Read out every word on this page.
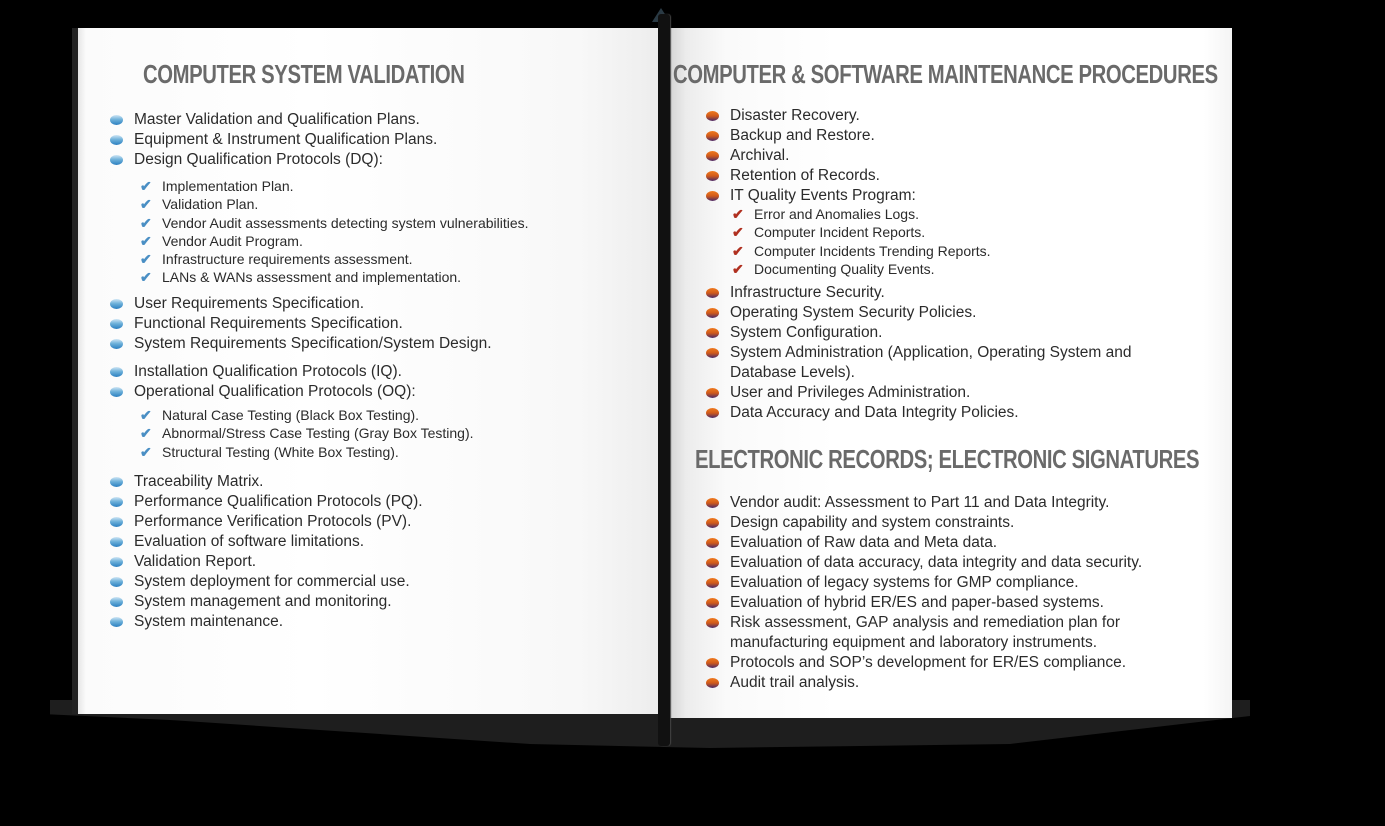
COMPUTER SYSTEM VALIDATION
Master Validation and Qualification Plans.
Equipment & Instrument Qualification Plans.
Design Qualification Protocols (DQ):
✔ Implementation Plan.
✔ Validation Plan.
✔ Vendor Audit assessments detecting system vulnerabilities.
✔ Vendor Audit Program.
✔ Infrastructure requirements assessment.
✔ LANs & WANs assessment and implementation.
User Requirements Specification.
Functional Requirements Specification.
System Requirements Specification/System Design.
Installation Qualification Protocols (IQ).
Operational Qualification Protocols (OQ):
✔ Natural Case Testing (Black Box Testing).
✔ Abnormal/Stress Case Testing (Gray Box Testing).
✔ Structural Testing (White Box Testing).
Traceability Matrix.
Performance Qualification Protocols (PQ).
Performance Verification Protocols (PV).
Evaluation of software limitations.
Validation Report.
System deployment for commercial use.
System management and monitoring.
System maintenance.
COMPUTER & SOFTWARE MAINTENANCE PROCEDURES
Disaster Recovery.
Backup and Restore.
Archival.
Retention of Records.
IT Quality Events Program:
✔ Error and Anomalies Logs.
✔ Computer Incident Reports.
✔ Computer Incidents Trending Reports.
✔ Documenting Quality Events.
Infrastructure Security.
Operating System Security Policies.
System Configuration.
System Administration (Application, Operating System and Database Levels).
User and Privileges Administration.
Data Accuracy and Data Integrity Policies.
ELECTRONIC RECORDS; ELECTRONIC SIGNATURES
Vendor audit: Assessment to Part 11 and Data Integrity.
Design capability and system constraints.
Evaluation of Raw data and Meta data.
Evaluation of data accuracy, data integrity and data security.
Evaluation of legacy systems for GMP compliance.
Evaluation of hybrid ER/ES and paper-based systems.
Risk assessment, GAP analysis and remediation plan for manufacturing equipment and laboratory instruments.
Protocols and SOP’s development for ER/ES compliance.
Audit trail analysis.
